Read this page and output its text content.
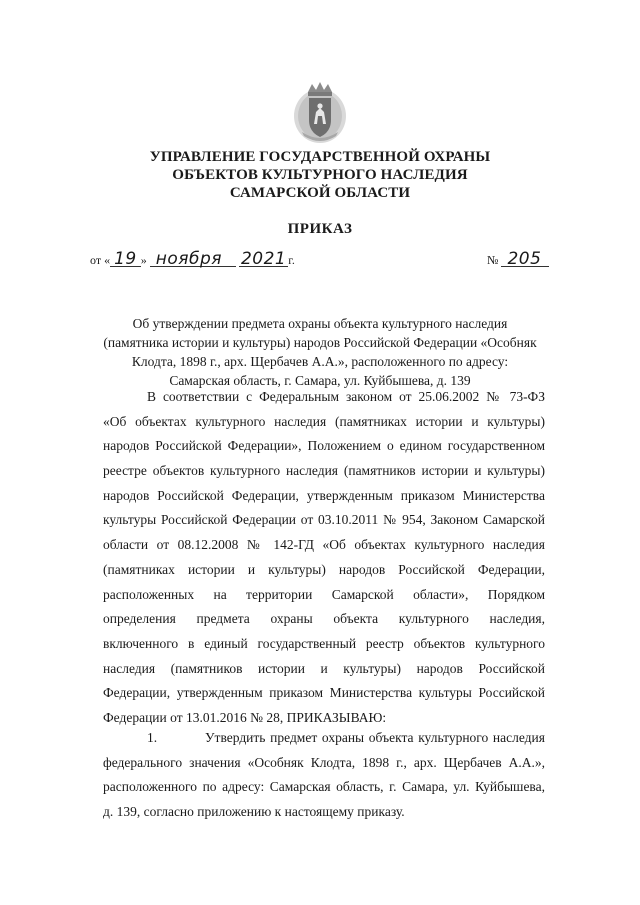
УПРАВЛЕНИЕ ГОСУДАРСТВЕННОЙ ОХРАНЫ
ОБЪЕКТОВ КУЛЬТУРНОГО НАСЛЕДИЯ
САМАРСКОЙ ОБЛАСТИ
ПРИКАЗ
от « 19 » ноября 2021 г.	№ 205
Об утверждении предмета охраны объекта культурного наследия
(памятника истории и культуры) народов Российской Федерации «Особняк
Клодта, 1898 г., арх. Щербачев А.А.», расположенного по адресу:
Самарская область, г. Самара, ул. Куйбышева, д. 139
В соответствии с Федеральным законом от 25.06.2002 № 73-ФЗ
«Об объектах культурного наследия (памятниках истории и культуры)
народов Российской Федерации», Положением о едином государственном
реестре объектов культурного наследия (памятников истории и культуры)
народов Российской Федерации, утвержденным приказом Министерства
культуры Российской Федерации от 03.10.2011 № 954, Законом Самарской
области от 08.12.2008 № 142-ГД «Об объектах культурного наследия
(памятниках истории и культуры) народов Российской Федерации,
расположенных на территории Самарской области», Порядком
определения предмета охраны объекта культурного наследия,
включенного в единый государственный реестр объектов культурного
наследия (памятников истории и культуры) народов Российской
Федерации, утвержденным приказом Министерства культуры Российской
Федерации от 13.01.2016 № 28, ПРИКАЗЫВАЮ:
1.	Утвердить предмет охраны объекта культурного наследия
федерального значения «Особняк Клодта, 1898 г., арх. Щербачев А.А.»,
расположенного по адресу: Самарская область, г. Самара, ул. Куйбышева,
д. 139, согласно приложению к настоящему приказу.
